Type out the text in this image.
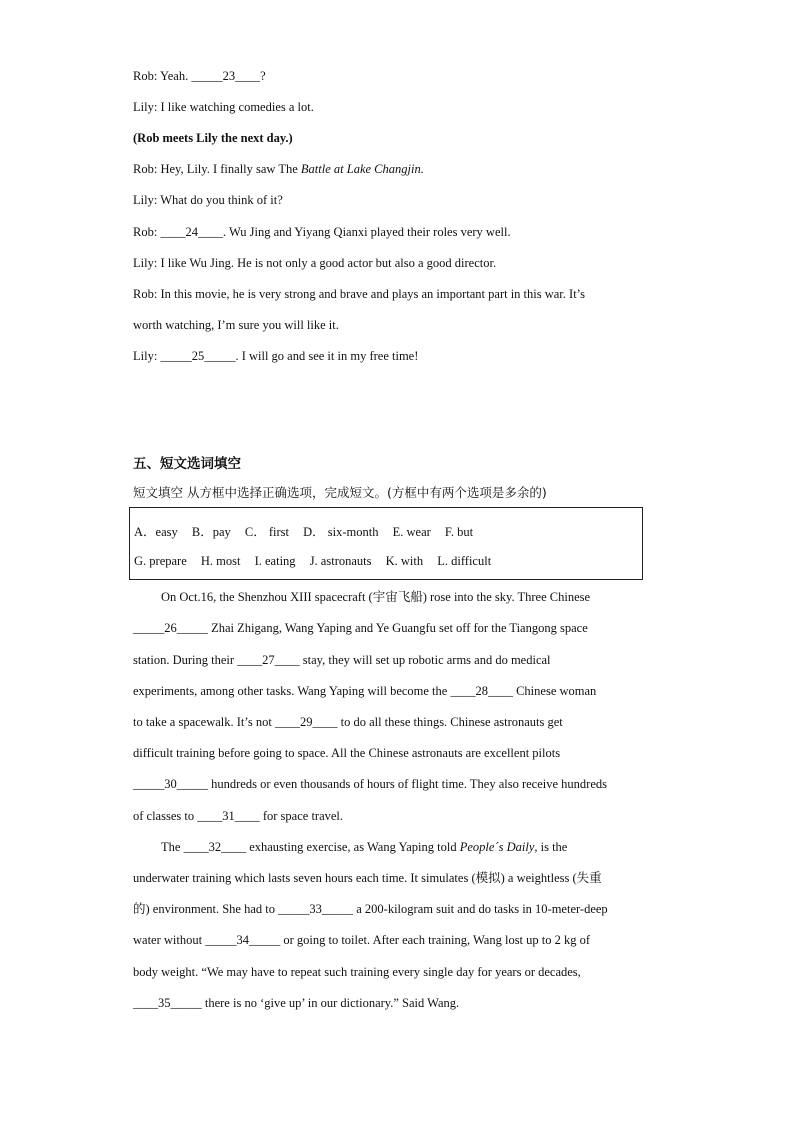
Rob: Yeah. _____23____?
Lily: I like watching comedies a lot.
(Rob meets Lily the next day.)
Rob: Hey, Lily. I finally saw The Battle at Lake Changjin.
Lily: What do you think of it?
Rob: ____24____. Wu Jing and Yiyang Qianxi played their roles very well.
Lily: I like Wu Jing. He is not only a good actor but also a good director.
Rob: In this movie, he is very strong and brave and plays an important part in this war. It’s
worth watching, I’m sure you will like it.
Lily: _____25_____. I will go and see it in my free time!
五、短文选词填空
短文填空 从方框中选择正确选项，完成短文。(方框中有两个选项是多余的)
A．easy B．pay C． first D． six-month E. wear F. but
G. prepare H. most I. eating J. astronauts K. with L. difficult
On Oct.16, the Shenzhou XIII spacecraft (宇宙飞船) rose into the sky. Three Chinese
_____26_____ Zhai Zhigang, Wang Yaping and Ye Guangfu set off for the Tiangong space
station. During their ____27____ stay, they will set up robotic arms and do medical
experiments, among other tasks. Wang Yaping will become the ____28____ Chinese woman
to take a spacewalk. It’s not ____29____ to do all these things. Chinese astronauts get
difficult training before going to space. All the Chinese astronauts are excellent pilots
_____30_____ hundreds or even thousands of hours of flight time. They also receive hundreds
of classes to ____31____ for space travel.
The ____32____ exhausting exercise, as Wang Yaping told People´s Daily, is the
underwater training which lasts seven hours each time. It simulates (模拟) a weightless (失重
的) environment. She had to _____33_____ a 200-kilogram suit and do tasks in 10-meter-deep
water without _____34_____ or going to toilet. After each training, Wang lost up to 2 kg of
body weight. “We may have to repeat such training every single day for years or decades,
____35_____ there is no ‘give up’ in our dictionary.” Said Wang.
